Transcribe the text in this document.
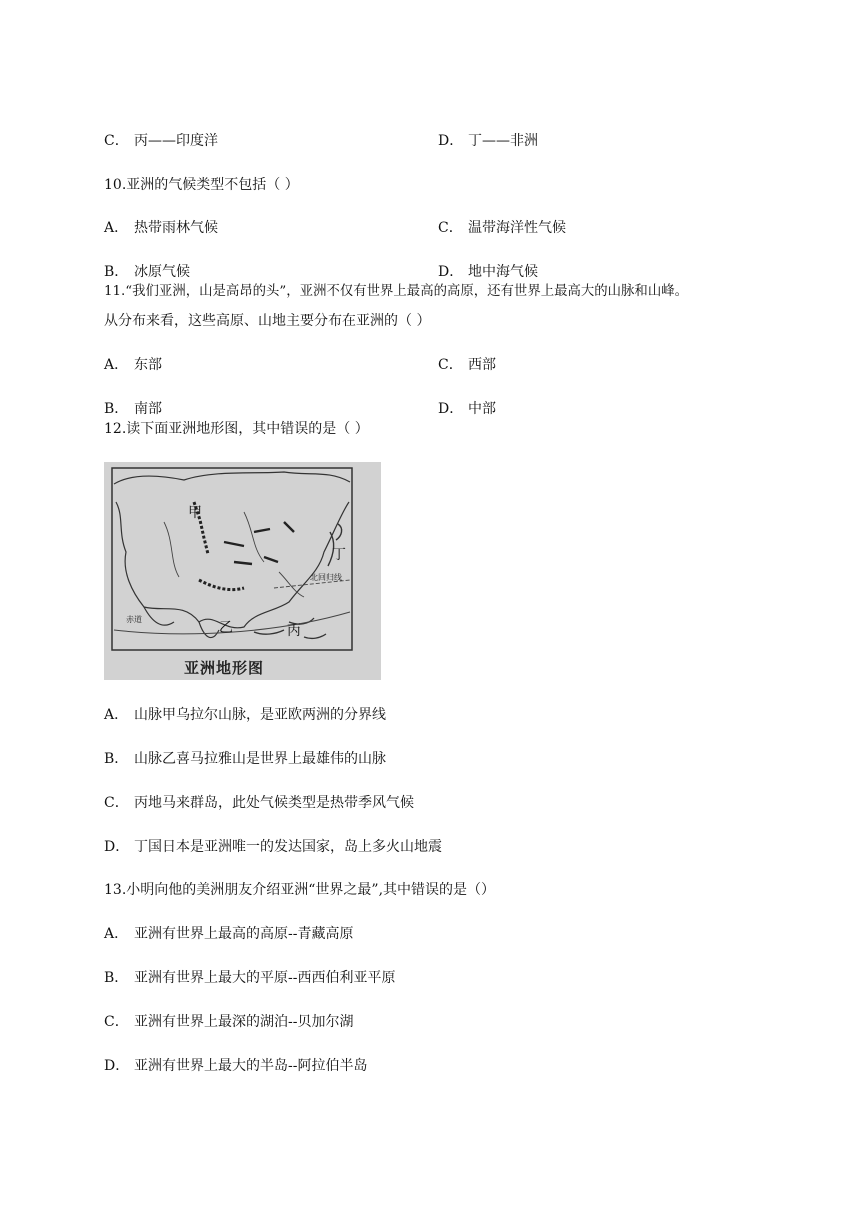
C． 丙——印度洋	D． 丁——非洲
10.亚洲的气候类型不包括（ ）
A． 热带雨林气候	C． 温带海洋性气候
B． 冰原气候	D． 地中海气候
11.“我们亚洲，山是高昂的头”，亚洲不仅有世界上最高的高原，还有世界上最高大的山脉和山峰。
从分布来看，这些高原、山地主要分布在亚洲的（ ）
A． 东部	C． 西部
B． 南部	D． 中部
12.读下面亚洲地形图，其中错误的是（ ）
甲
乙	丙
丁
赤道
北回归线
亚洲地形图
A． 山脉甲乌拉尔山脉，是亚欧两洲的分界线
B． 山脉乙喜马拉雅山是世界上最雄伟的山脉
C． 丙地马来群岛，此处气候类型是热带季风气候
D． 丁国日本是亚洲唯一的发达国家，岛上多火山地震
13.小明向他的美洲朋友介绍亚洲“世界之最”,其中错误的是（）
A． 亚洲有世界上最高的高原--青藏高原
B． 亚洲有世界上最大的平原--西西伯利亚平原
C． 亚洲有世界上最深的湖泊--贝加尔湖
D． 亚洲有世界上最大的半岛--阿拉伯半岛
